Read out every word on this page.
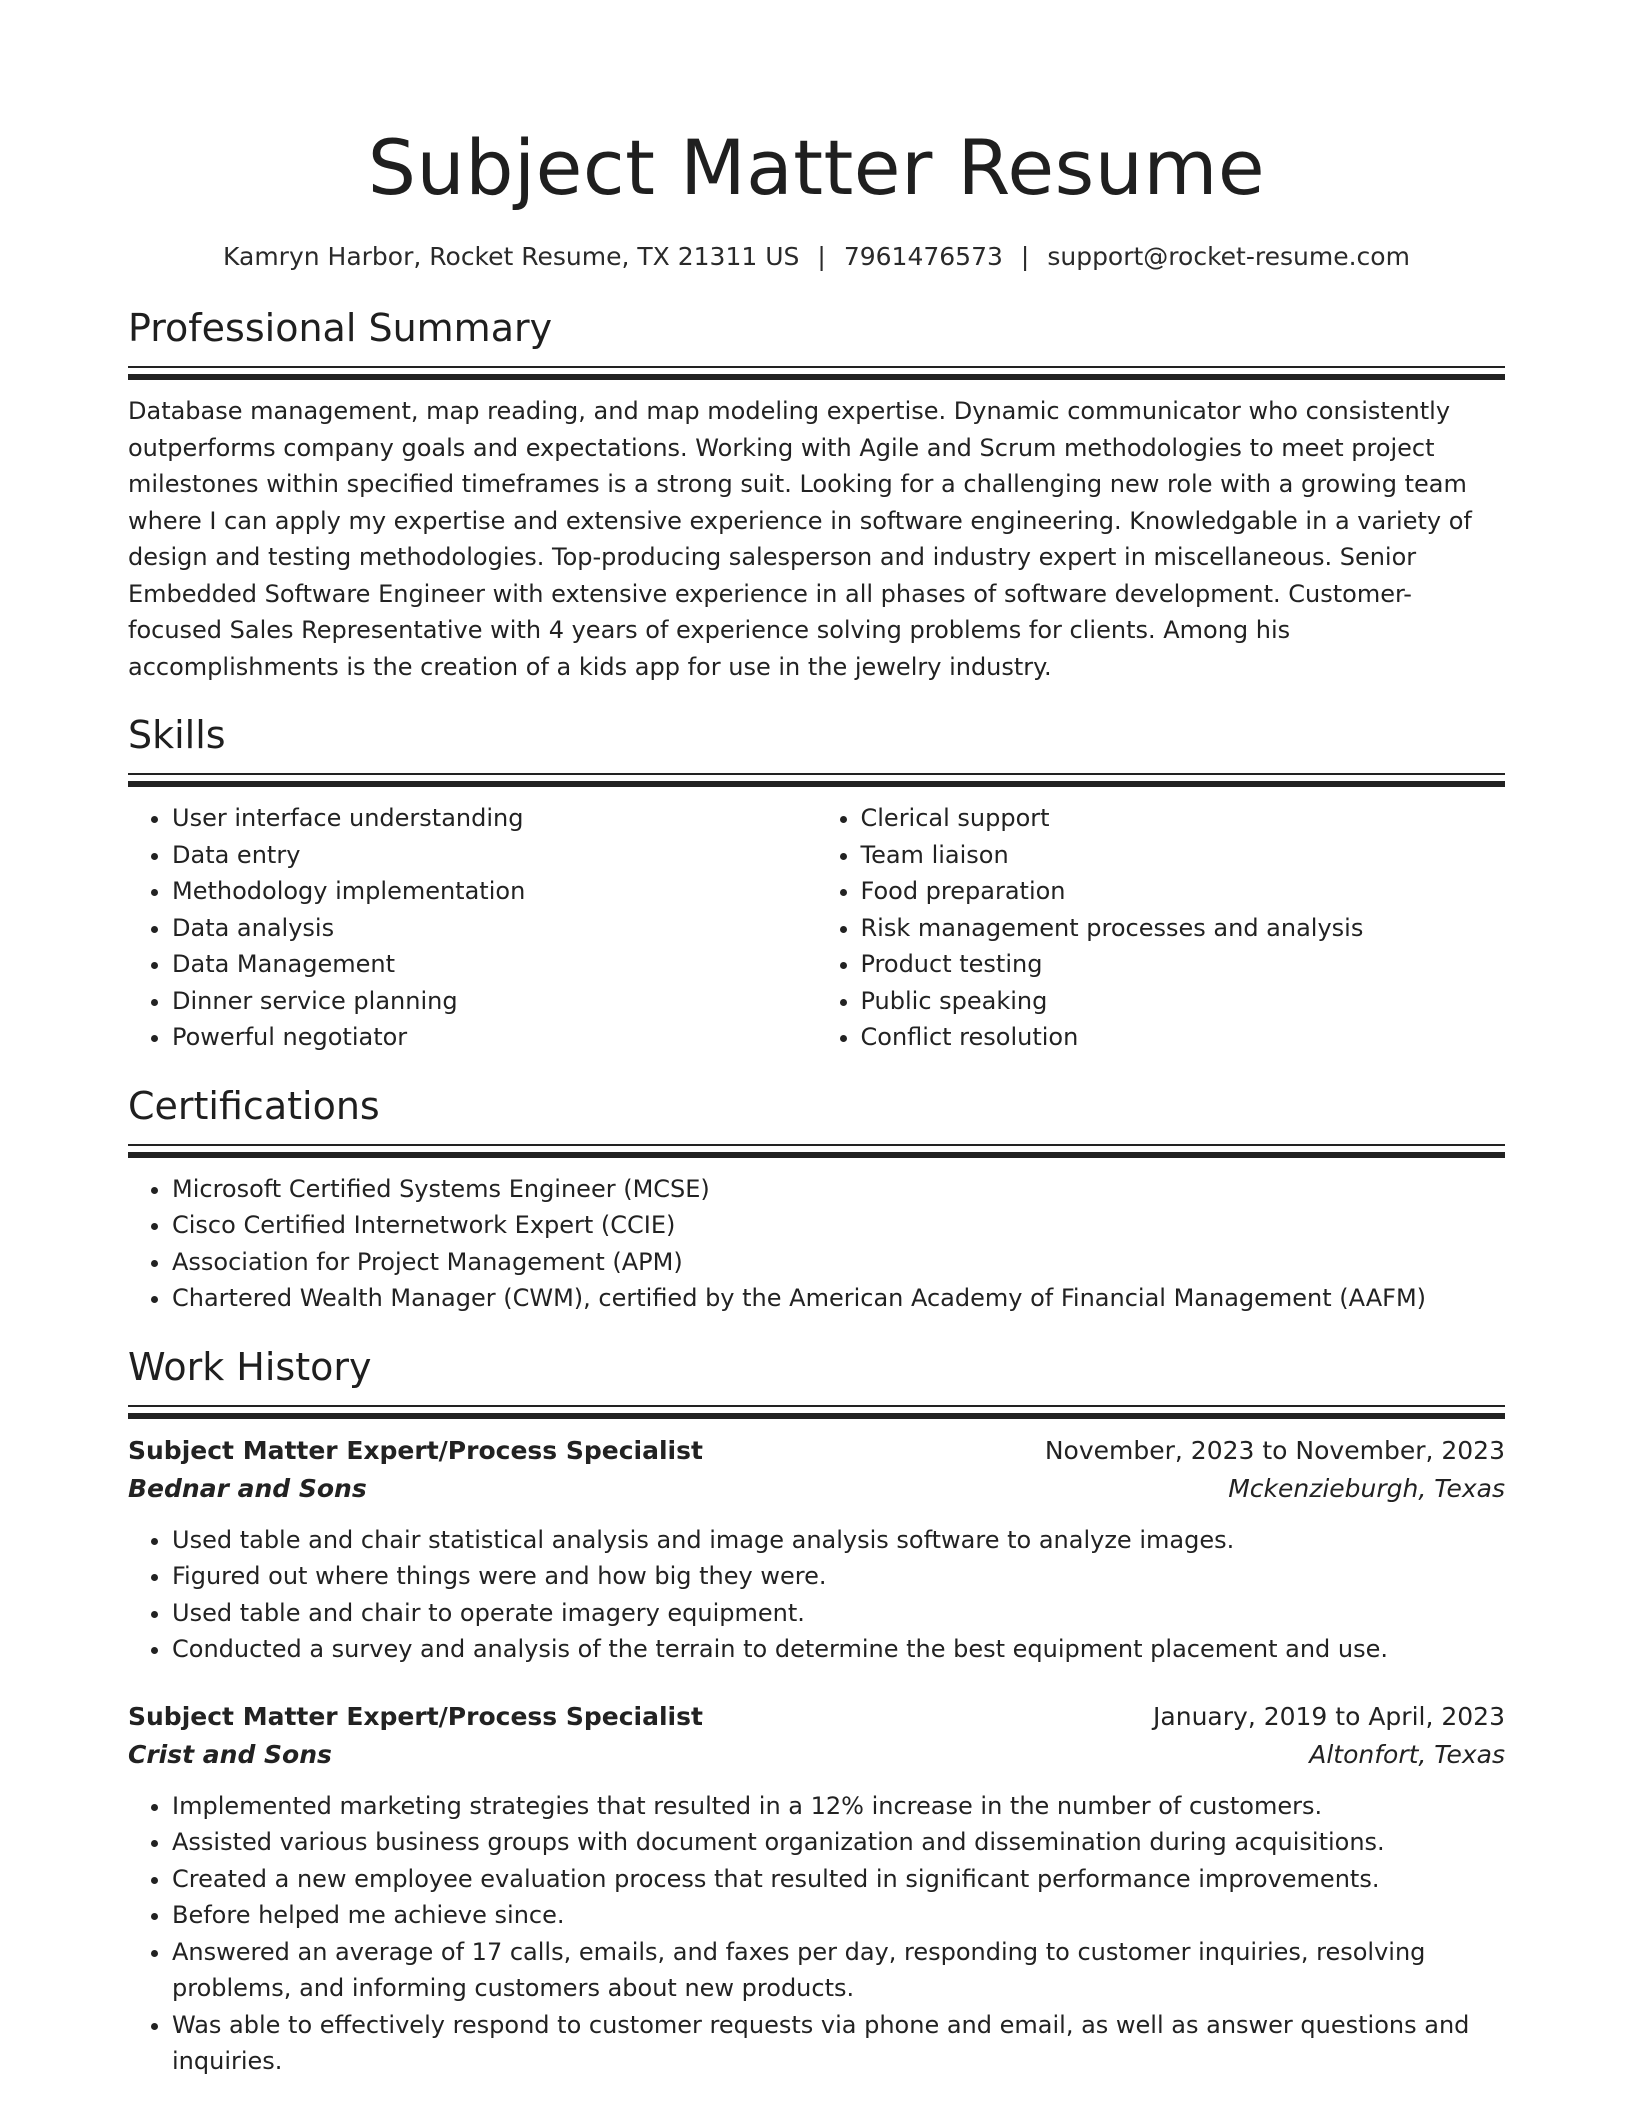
Subject Matter Resume
Kamryn Harbor, Rocket Resume, TX 21311 US | 7961476573 | support@rocket-resume.com
Professional Summary
Database management, map reading, and map modeling expertise. Dynamic communicator who consistently outperforms company goals and expectations. Working with Agile and Scrum methodologies to meet project milestones within specified timeframes is a strong suit. Looking for a challenging new role with a growing team where I can apply my expertise and extensive experience in software engineering. Knowledgable in a variety of design and testing methodologies. Top-producing salesperson and industry expert in miscellaneous. Senior Embedded Software Engineer with extensive experience in all phases of software development. Customer-focused Sales Representative with 4 years of experience solving problems for clients. Among his accomplishments is the creation of a kids app for use in the jewelry industry.
Skills
• User interface understanding
• Data entry
• Methodology implementation
• Data analysis
• Data Management
• Dinner service planning
• Powerful negotiator
• Clerical support
• Team liaison
• Food preparation
• Risk management processes and analysis
• Product testing
• Public speaking
• Conflict resolution
Certifications
• Microsoft Certified Systems Engineer (MCSE)
• Cisco Certified Internetwork Expert (CCIE)
• Association for Project Management (APM)
• Chartered Wealth Manager (CWM), certified by the American Academy of Financial Management (AAFM)
Work History
Subject Matter Expert/Process Specialist	November, 2023 to November, 2023
Bednar and Sons	Mckenzieburgh, Texas
• Used table and chair statistical analysis and image analysis software to analyze images.
• Figured out where things were and how big they were.
• Used table and chair to operate imagery equipment.
• Conducted a survey and analysis of the terrain to determine the best equipment placement and use.
Subject Matter Expert/Process Specialist	January, 2019 to April, 2023
Crist and Sons	Altonfort, Texas
• Implemented marketing strategies that resulted in a 12% increase in the number of customers.
• Assisted various business groups with document organization and dissemination during acquisitions.
• Created a new employee evaluation process that resulted in significant performance improvements.
• Before helped me achieve since.
• Answered an average of 17 calls, emails, and faxes per day, responding to customer inquiries, resolving problems, and informing customers about new products.
• Was able to effectively respond to customer requests via phone and email, as well as answer questions and inquiries.
